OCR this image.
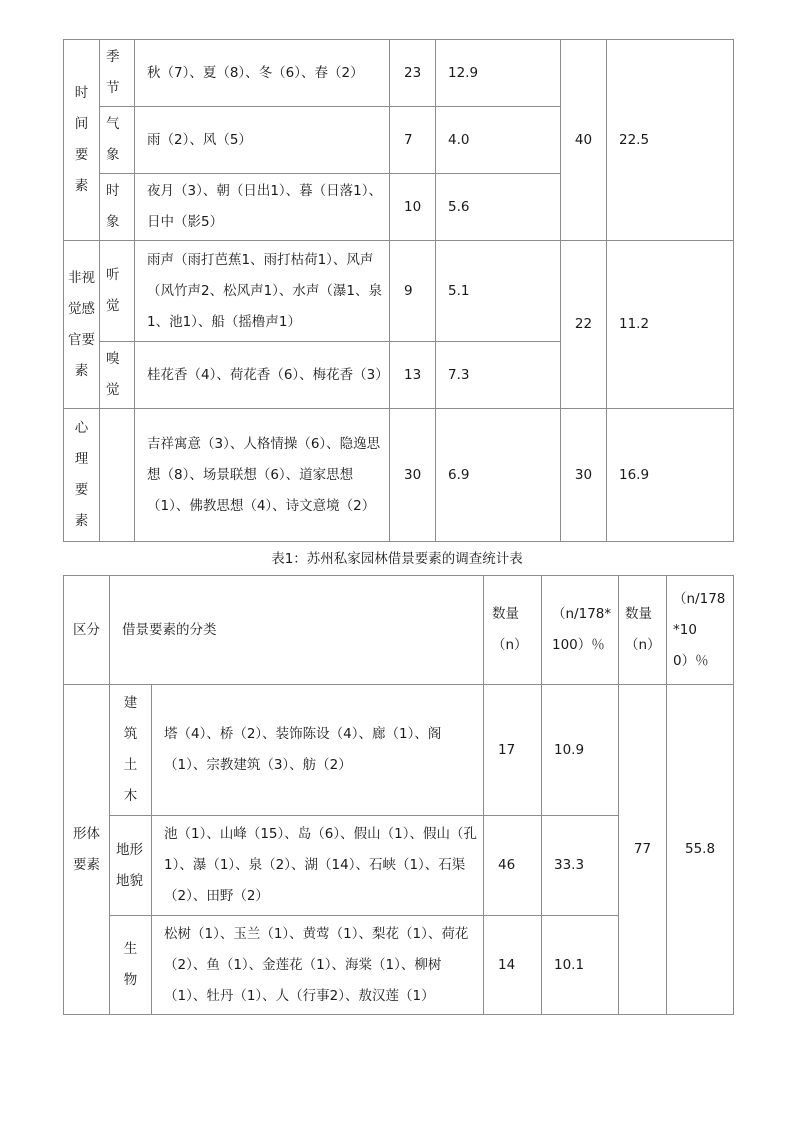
时间要素	季节	秋（7）、夏（8）、冬（6）、春（2）	23	12.9	40	22.5
	气象	雨（2）、风（5）	7	4.0		
	时象	夜月（3）、朝（日出1）、暮（日落1）、日中（影5）	10	5.6		
非视觉感官要素	听觉	雨声（雨打芭蕉1、雨打枯荷1）、风声（风竹声2、松风声1）、水声（瀑1、泉1、池1）、船（摇橹声1）	9	5.1	22	11.2
	嗅觉	桂花香（4）、荷花香（6）、梅花香（3）	13	7.3		
心理要素		吉祥寓意（3）、人格情操（6）、隐逸思想（8）、场景联想（6）、道家思想（1）、佛教思想（4）、诗文意境（2）	30	6.9	30	16.9
表1：苏州私家园林借景要素的调查统计表
区分	借景要素的分类		数量（n）	（n/178*100）％	数量（n）	（n/178*100）％
形体要素	建筑土木	塔（4）、桥（2）、装饰陈设（4）、廊（1）、阁（1）、宗教建筑（3）、舫（2）	17	10.9	77	55.8
	地形地貌	池（1）、山峰（15）、岛（6）、假山（1）、假山（孔1）、瀑（1）、泉（2）、湖（14）、石峡（1）、石渠（2）、田野（2）	46	33.3		
	生物	松树（1）、玉兰（1）、黄莺（1）、梨花（1）、荷花（2）、鱼（1）、金莲花（1）、海棠（1）、柳树（1）、牡丹（1）、人（行事2）、敖汉莲（1）	14	10.1		
